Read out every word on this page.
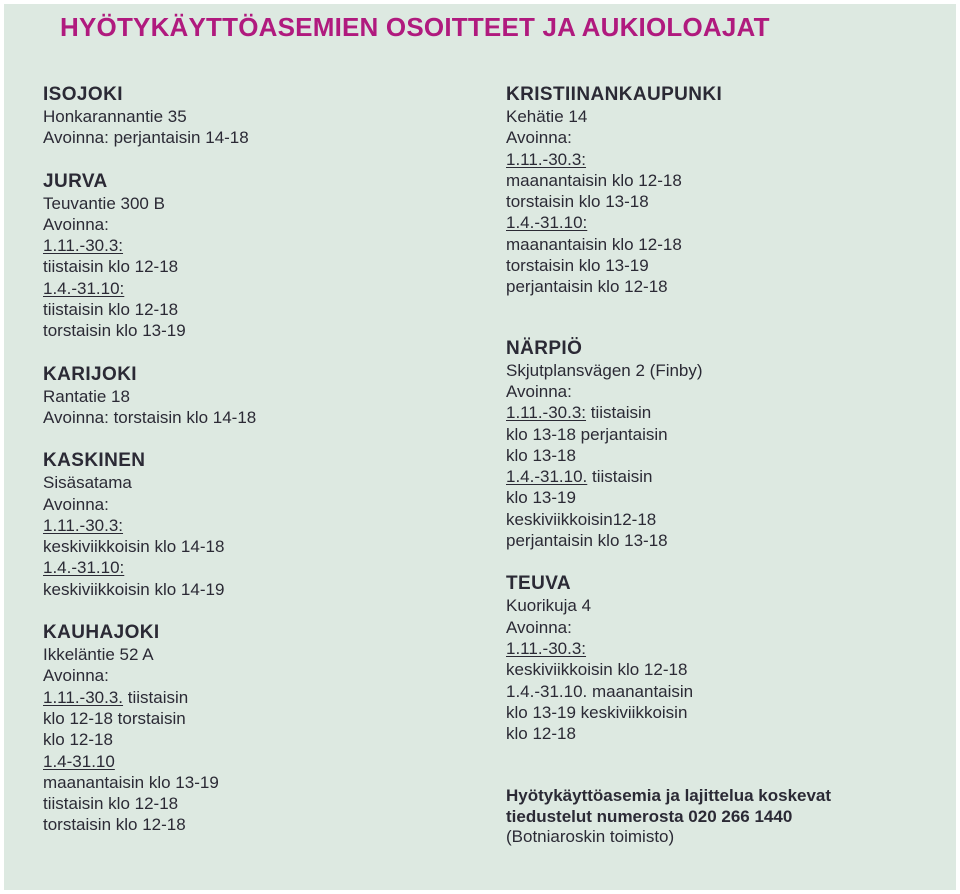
HYÖTYKÄYTTÖASEMIEN OSOITTEET JA AUKIOLOAJAT
ISOJOKI
Honkarannantie 35
Avoinna: perjantaisin 14-18
JURVA
Teuvantie 300 B
Avoinna:
1.11.-30.3:
tiistaisin klo 12-18
1.4.-31.10:
tiistaisin klo 12-18
torstaisin klo 13-19
KARIJOKI
Rantatie 18
Avoinna: torstaisin klo 14-18
KASKINEN
Sisäsatama
Avoinna:
1.11.-30.3:
keskiviikkoisin klo 14-18
1.4.-31.10:
keskiviikkoisin klo 14-19
KAUHAJOKI
Ikkeläntie 52 A
Avoinna:
1.11.-30.3. tiistaisin
klo 12-18 torstaisin
klo 12-18
1.4-31.10
maanantaisin klo 13-19
tiistaisin klo 12-18
torstaisin klo 12-18
KRISTIINANKAUPUNKI
Kehätie 14
Avoinna:
1.11.-30.3:
maanantaisin klo 12-18
torstaisin klo 13-18
1.4.-31.10:
maanantaisin klo 12-18
torstaisin klo 13-19
perjantaisin klo 12-18
NÄRPIÖ
Skjutplansvägen 2 (Finby)
Avoinna:
1.11.-30.3: tiistaisin
klo 13-18 perjantaisin
klo 13-18
1.4.-31.10. tiistaisin
klo 13-19
keskiviikkoisin12-18
perjantaisin klo 13-18
TEUVA
Kuorikuja 4
Avoinna:
1.11.-30.3:
keskiviikkoisin klo 12-18
1.4.-31.10. maanantaisin
klo 13-19 keskiviikkoisin
klo 12-18
Hyötykäyttöasemia ja lajittelua koskevat
tiedustelut numerosta 020 266 1440
(Botniaroskin toimisto)
